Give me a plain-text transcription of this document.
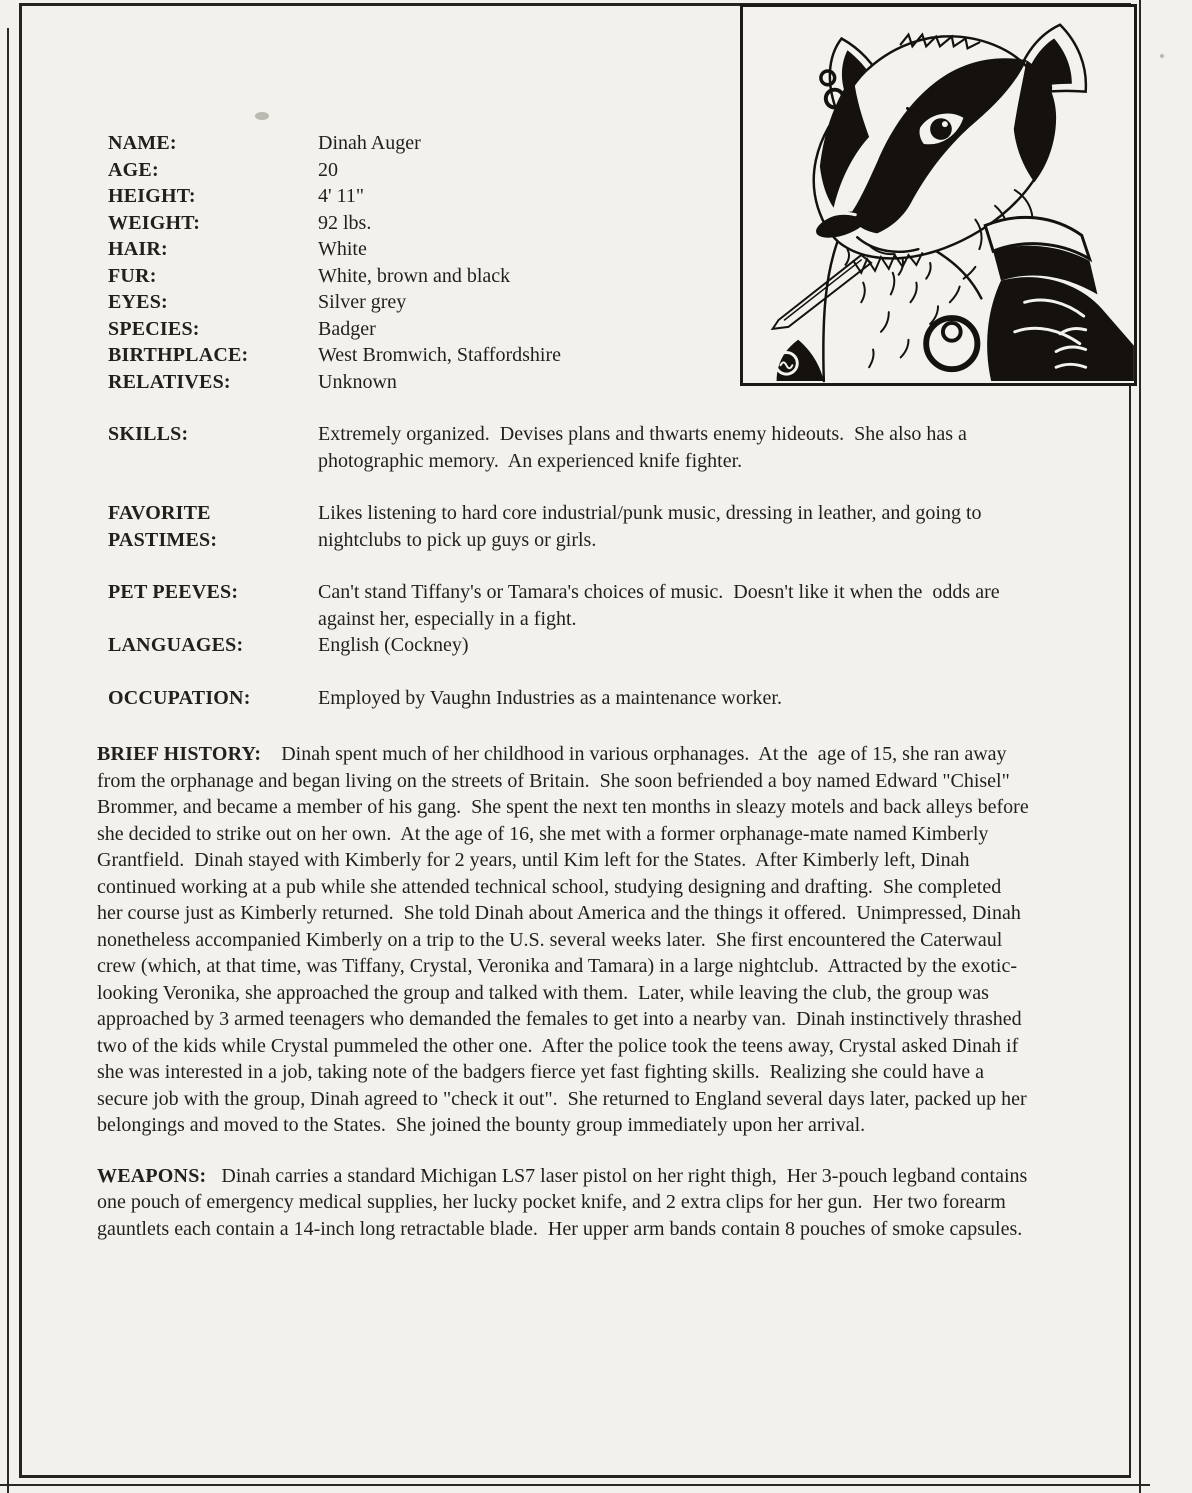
NAME:	Dinah Auger
AGE:	20
HEIGHT:	4' 11"
WEIGHT:	92 lbs.
HAIR:	White
FUR:	White, brown and black
EYES:	Silver grey
SPECIES:	Badger
BIRTHPLACE:	West Bromwich, Staffordshire
RELATIVES:	Unknown
SKILLS:	Extremely organized.  Devises plans and thwarts enemy hideouts.  She also has a photographic memory.  An experienced knife fighter.
FAVORITE PASTIMES:
Likes listening to hard core industrial/punk music, dressing in leather, and going to nightclubs to pick up guys or girls.
PET PEEVES:	Can't stand Tiffany's or Tamara's choices of music.  Doesn't like it when the  odds are against her, especially in a fight.
LANGUAGES:	English (Cockney)
OCCUPATION:	Employed by Vaughn Industries as a maintenance worker.

BRIEF HISTORY:    Dinah spent much of her childhood in various orphanages.  At the  age of 15, she ran away from the orphanage and began living on the streets of Britain.  She soon befriended a boy named Edward "Chisel" Brommer, and became a member of his gang.  She spent the next ten months in sleazy motels and back alleys before she decided to strike out on her own.  At the age of 16, she met with a former orphanage-mate named Kimberly Grantfield.  Dinah stayed with Kimberly for 2 years, until Kim left for the States.  After Kimberly left, Dinah continued working at a pub while she attended technical school, studying designing and drafting.  She completed her course just as Kimberly returned.  She told Dinah about America and the things it offered.  Unimpressed, Dinah nonetheless accompanied Kimberly on a trip to the U.S. several weeks later.  She first encountered the Caterwaul crew (which, at that time, was Tiffany, Crystal, Veronika and Tamara) in a large nightclub.  Attracted by the exotic-looking Veronika, she approached the group and talked with them.  Later, while leaving the club, the group was approached by 3 armed teenagers who demanded the females to get into a nearby van.  Dinah instinctively thrashed two of the kids while Crystal pummeled the other one.  After the police took the teens away, Crystal asked Dinah if she was interested in a job, taking note of the badgers fierce yet fast fighting skills.  Realizing she could have a secure job with the group, Dinah agreed to "check it out".  She returned to England several days later, packed up her belongings and moved to the States.  She joined the bounty group immediately upon her arrival.

WEAPONS:   Dinah carries a standard Michigan LS7 laser pistol on her right thigh,  Her 3-pouch legband contains one pouch of emergency medical supplies, her lucky pocket knife, and 2 extra clips for her gun.  Her two forearm gauntlets each contain a 14-inch long retractable blade.  Her upper arm bands contain 8 pouches of smoke capsules.
